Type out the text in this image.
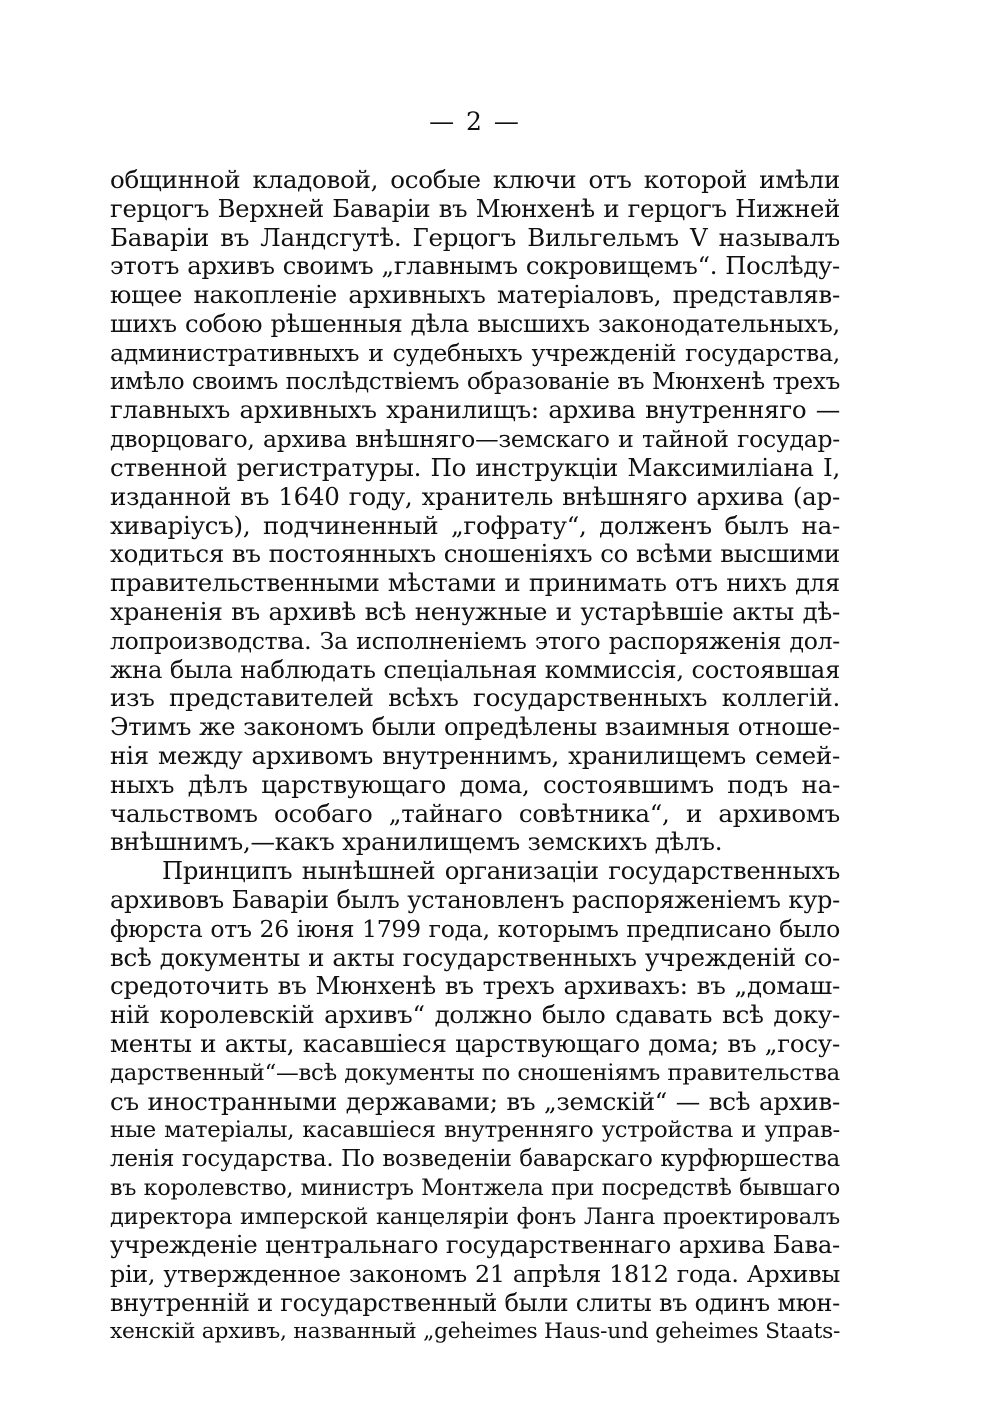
— 2 —
общинной кладовой, особые ключи отъ которой имѣли
герцогъ Верхней Баваріи въ Мюнхенѣ и герцогъ Нижней
Баваріи въ Ландсгутѣ. Герцогъ Вильгельмъ V называлъ
этотъ архивъ своимъ „главнымъ сокровищемъ“. Послѣду-
ющее накопленіе архивныхъ матеріаловъ, представляв-
шихъ собою рѣшенныя дѣла высшихъ законодательныхъ,
административныхъ и судебныхъ учрежденій государства,
имѣло своимъ послѣдствіемъ образованіе въ Мюнхенѣ трехъ
главныхъ архивныхъ хранилищъ: архива внутренняго —
дворцоваго, архива внѣшняго—земскаго и тайной государ-
ственной регистратуры. По инструкціи Максимиліана I,
изданной въ 1640 году, хранитель внѣшняго архива (ар-
хиваріусъ), подчиненный „гофрату“, долженъ былъ на-
ходиться въ постоянныхъ сношеніяхъ со всѣми высшими
правительственными мѣстами и принимать отъ нихъ для
храненія въ архивѣ всѣ ненужные и устарѣвшіе акты дѣ-
лопроизводства. За исполненіемъ этого распоряженія дол-
жна была наблюдать спеціальная коммиссія, состоявшая
изъ представителей всѣхъ государственныхъ коллегій.
Этимъ же закономъ были опредѣлены взаимныя отноше-
нія между архивомъ внутреннимъ, хранилищемъ семей-
ныхъ дѣлъ царствующаго дома, состоявшимъ подъ на-
чальствомъ особаго „тайнаго совѣтника“, и архивомъ
внѣшнимъ,—какъ хранилищемъ земскихъ дѣлъ.
Принципъ нынѣшней организаціи государственныхъ
архивовъ Баваріи былъ установленъ распоряженіемъ кур-
фюрста отъ 26 іюня 1799 года, которымъ предписано было
всѣ документы и акты государственныхъ учрежденій со-
средоточить въ Мюнхенѣ въ трехъ архивахъ: въ „домаш-
ній королевскій архивъ“ должно было сдавать всѣ доку-
менты и акты, касавшіеся царствующаго дома; въ „госу-
дарственный“—всѣ документы по сношеніямъ правительства
съ иностранными державами; въ „земскій“ — всѣ архив-
ные матеріалы, касавшіеся внутренняго устройства и управ-
ленія государства. По возведеніи баварскаго курфюршества
въ королевство, министръ Монтжела при посредствѣ бывшаго
директора имперской канцеляріи фонъ Ланга проектировалъ
учрежденіе центральнаго государственнаго архива Бава-
ріи, утвержденное закономъ 21 апрѣля 1812 года. Архивы
внутренній и государственный были слиты въ одинъ мюн-
хенскій архивъ, названный „geheimes Haus-und geheimes Staats-
